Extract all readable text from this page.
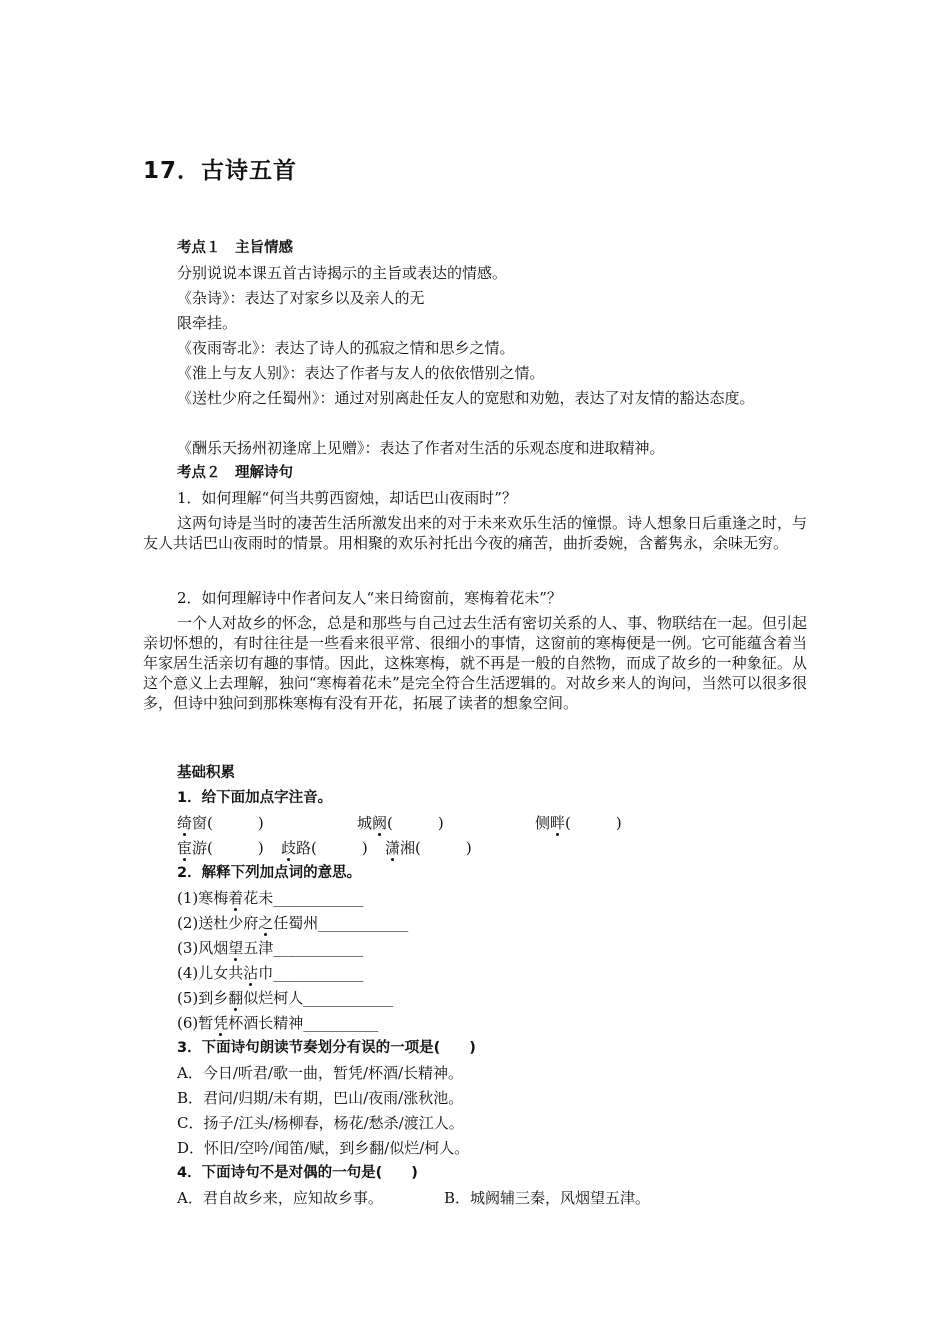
17．古诗五首
考点１　主旨情感
分别说说本课五首古诗揭示的主旨或表达的情感。
《杂诗》：表达了对家乡以及亲人的无
限牵挂。
《夜雨寄北》：表达了诗人的孤寂之情和思乡之情。
《淮上与友人别》：表达了作者与友人的依依惜别之情。
《送杜少府之任蜀州》：通过对别离赴任友人的宽慰和劝勉，表达了对友情的豁达态度。
《酬乐天扬州初逢席上见赠》：表达了作者对生活的乐观态度和进取精神。
考点２　理解诗句
1．如何理解“何当共剪西窗烛，却话巴山夜雨时”？
这两句诗是当时的凄苦生活所激发出来的对于未来欢乐生活的憧憬。诗人想象日后重逢之时，与友人共话巴山夜雨时的情景。用相聚的欢乐衬托出今夜的痛苦，曲折委婉，含蓄隽永，余味无穷。
2．如何理解诗中作者问友人“来日绮窗前，寒梅着花未”？
一个人对故乡的怀念，总是和那些与自己过去生活有密切关系的人、事、物联结在一起。但引起亲切怀想的，有时往往是一些看来很平常、很细小的事情，这窗前的寒梅便是一例。它可能蕴含着当年家居生活亲切有趣的事情。因此，这株寒梅，就不再是一般的自然物，而成了故乡的一种象征。从这个意义上去理解，独问“寒梅着花未”是完全符合生活逻辑的。对故乡来人的询问，当然可以很多很多，但诗中独问到那株寒梅有没有开花，拓展了读者的想象空间。
基础积累
1．给下面加点字注音。
绮窗(　　　)	城阙(　　　)	侧畔(　　　)
宦游(　　　) 歧路(　　　) 潇湘(　　　)
2．解释下列加点词的意思。
(1)寒梅着花未____________
(2)送杜少府之任蜀州____________
(3)风烟望五津____________
(4)儿女共沾巾____________
(5)到乡翻似烂柯人____________
(6)暂凭杯酒长精神__________
3．下面诗句朗读节奏划分有误的一项是(　　)
A．今日/听君/歌一曲，暂凭/杯酒/长精神。
B．君问/归期/未有期，巴山/夜雨/涨秋池。
C．扬子/江头/杨柳春，杨花/愁杀/渡江人。
D．怀旧/空吟/闻笛/赋，到乡翻/似烂/柯人。
4．下面诗句不是对偶的一句是(　　)
A．君自故乡来，应知故乡事。	B．城阙辅三秦，风烟望五津。
